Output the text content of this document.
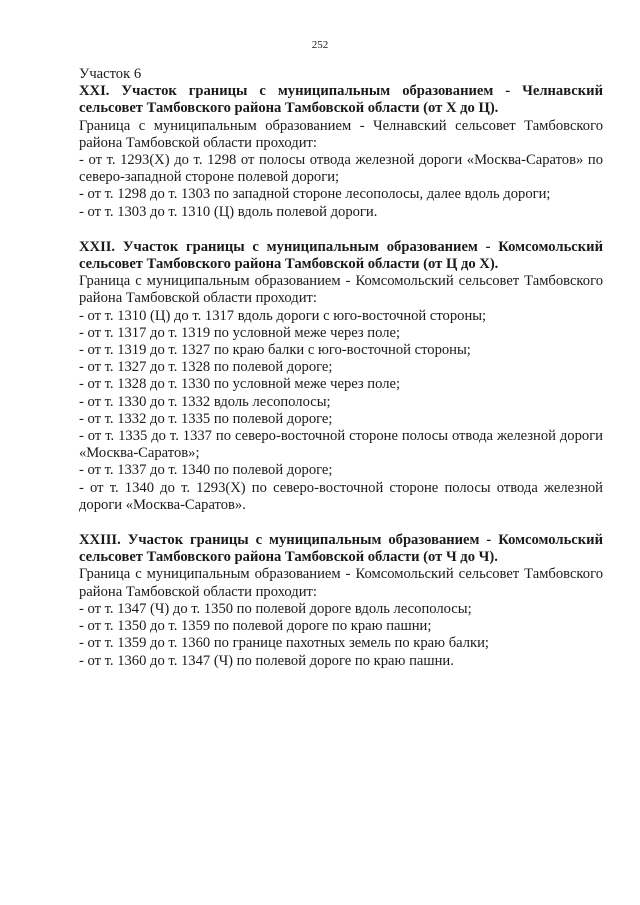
252

Участок 6

XXI. Участок границы с муниципальным образованием - Челнавский сельсовет Тамбовского района Тамбовской области (от Х до Ц).

Граница с муниципальным образованием - Челнавский сельсовет Тамбовского района Тамбовской области проходит:

- от т. 1293(Х) до т. 1298 от полосы отвода железной дороги «Москва-Саратов» по северо-западной стороне полевой дороги;
- от т. 1298 до т. 1303 по западной стороне лесополосы, далее вдоль дороги;
- от т. 1303 до т. 1310 (Ц) вдоль полевой дороги.

XXII. Участок границы с муниципальным образованием - Комсомольский сельсовет Тамбовского района Тамбовской области (от Ц до Х).

Граница с муниципальным образованием - Комсомольский сельсовет Тамбовского района Тамбовской области проходит:

- от т. 1310 (Ц) до т. 1317 вдоль дороги с юго-восточной стороны;
- от т. 1317 до т. 1319 по условной меже через поле;
- от т. 1319 до т. 1327 по краю балки с юго-восточной стороны;
- от т. 1327 до т. 1328 по полевой дороге;
- от т. 1328 до т. 1330 по условной меже через поле;
- от т. 1330 до т. 1332 вдоль лесополосы;
- от т. 1332 до т. 1335 по полевой дороге;
- от т. 1335 до т. 1337 по северо-восточной стороне полосы отвода железной дороги «Москва-Саратов»;
- от т. 1337 до т. 1340 по полевой дороге;
- от т. 1340 до т. 1293(Х) по северо-восточной стороне полосы отвода железной дороги «Москва-Саратов».

XXIII. Участок границы с муниципальным образованием - Комсомольский сельсовет Тамбовского района Тамбовской области (от Ч до Ч).

Граница с муниципальным образованием - Комсомольский сельсовет Тамбовского района Тамбовской области проходит:

- от т. 1347 (Ч) до т. 1350 по полевой дороге вдоль лесополосы;
- от т. 1350 до т. 1359 по полевой дороге по краю пашни;
- от т. 1359 до т. 1360 по границе пахотных земель по краю балки;
- от т. 1360 до т. 1347 (Ч) по полевой дороге по краю пашни.
